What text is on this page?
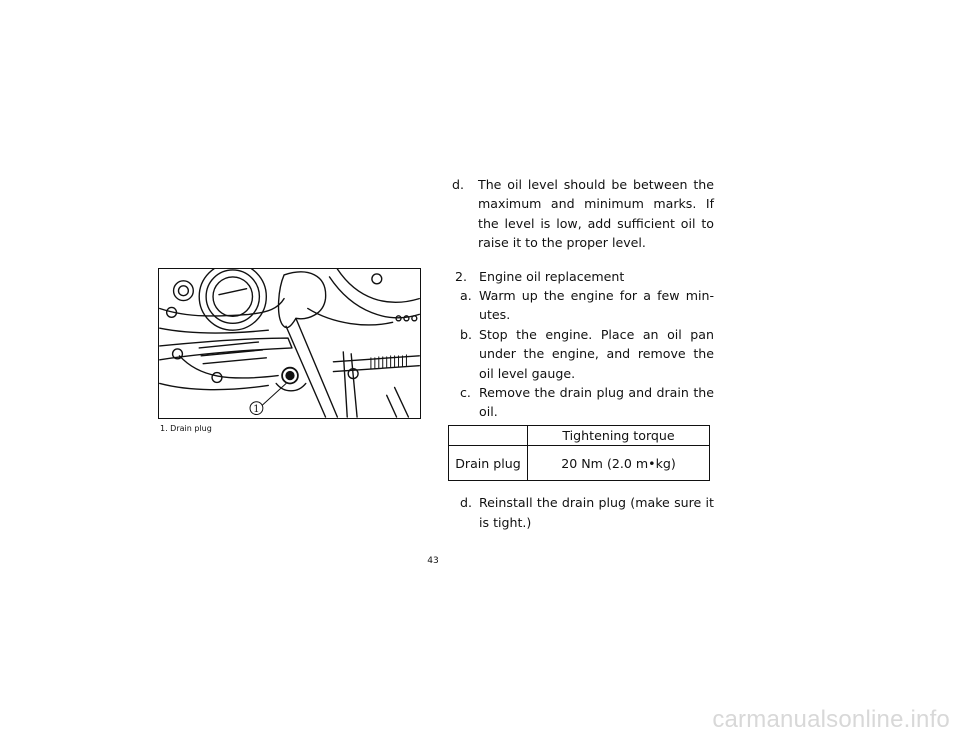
1
1. Drain plug
d. The oil level should be between the maximum and minimum marks. If the level is low, add sufficient oil to raise it to the proper level.
2. Engine oil replacement
a. Warm up the engine for a few min-utes.
b. Stop the engine. Place an oil pan under the engine, and remove the oil level gauge.
c. Remove the drain plug and drain the oil.
	Tightening torque
Drain plug	20 Nm (2.0 m•kg)
d. Reinstall the drain plug (make sure it is tight.)
43
carmanualsonline.info
